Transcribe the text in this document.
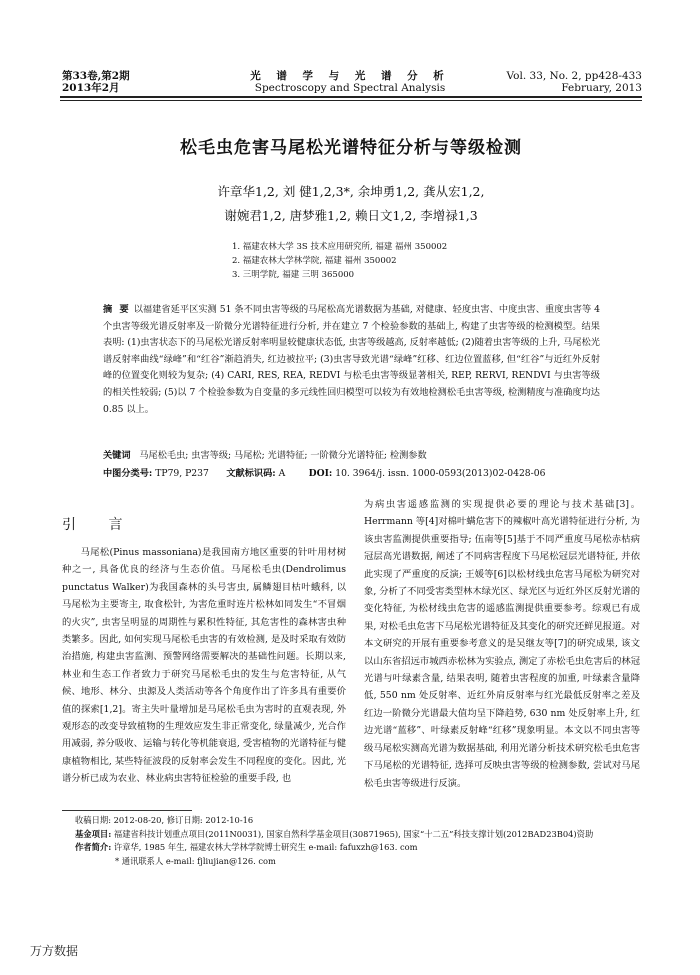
第33卷,第2期
2013年2月
光 谱 学 与 光 谱 分 析
Spectroscopy and Spectral Analysis
Vol. 33, No. 2, pp428-433
February, 2013
松毛虫危害马尾松光谱特征分析与等级检测
许章华1,2, 刘 健1,2,3*, 余坤勇1,2, 龚从宏1,2,
谢婉君1,2, 唐梦雅1,2, 赖日文1,2, 李增禄1,3
1. 福建农林大学 3S 技术应用研究所, 福建 福州 350002
2. 福建农林大学林学院, 福建 福州 350002
3. 三明学院, 福建 三明 365000
摘 要 以福建省延平区实测 51 条不同虫害等级的马尾松高光谱数据为基础, 对健康、轻度虫害、中度虫害、重度虫害等 4 个虫害等级光谱反射率及一阶微分光谱特征进行分析, 并在建立 7 个检验参数的基础上, 构建了虫害等级的检测模型。结果表明: (1)虫害状态下的马尾松光谱反射率明显较健康状态低, 虫害等级越高, 反射率越低; (2)随着虫害等级的上升, 马尾松光谱反射率曲线“绿峰”和“红谷”渐趋消失, 红边被拉平; (3)虫害导致光谱“绿峰”红移、红边位置蓝移, 但“红谷”与近红外反射峰的位置变化则较为复杂; (4) CARI, RES, REA, REDVI 与松毛虫害等级显著相关, REP, RERVI, RENDVI 与虫害等级的相关性较弱; (5)以 7 个检验参数为自变量的多元线性回归模型可以较为有效地检测松毛虫害等级, 检测精度与准确度均达 0.85 以上。
关键词 马尾松毛虫; 虫害等级; 马尾松; 光谱特征; 一阶微分光谱特征; 检测参数
中图分类号: TP79, P237 文献标识码: A	DOI: 10. 3964/j. issn. 1000-0593(2013)02-0428-06
引 言

马尾松(Pinus massoniana)是我国南方地区重要的针叶用材树种之一, 具备优良的经济与生态价值。马尾松毛虫(Dendrolimus punctatus Walker)为我国森林的头号害虫, 属鳞翅目枯叶蛾科, 以马尾松为主要寄主, 取食松针, 为害危重时连片松林如同发生“不冒烟的火灾”, 虫害呈明显的周期性与累积性特征, 其危害性的森林害虫种类繁多。因此, 如何实现马尾松毛虫害的有效检测, 是及时采取有效防治措施, 构建虫害监测、预警网络需要解决的基础性问题。长期以来, 林业和生态工作者致力于研究马尾松毛虫的发生与危害特征, 从气候、地形、林分、虫源及人类活动等各个角度作出了许多具有重要价值的探索[1,2]。寄主失叶量增加是马尾松毛虫为害时的直观表现, 外观形态的改变导致植物的生理效应发生非正常变化, 绿量减少, 光合作用减弱, 养分吸收、运输与转化等机能衰退, 受害植物的光谱特征与健康植物相比, 某些特征波段的反射率会发生不同程度的变化。因此, 光谱分析已成为农业、林业病虫害特征检验的重要手段, 也

为病虫害遥感监测的实现提供必要的理论与技术基础[3]。Herrmann 等[4]对棉叶螨危害下的辣椒叶高光谱特征进行分析, 为该虫害监测提供重要指导; 伍南等[5]基于不同严重度马尾松赤枯病冠层高光谱数据, 阐述了不同病害程度下马尾松冠层光谱特征, 并依此实现了严重度的反演; 王媛等[6]以松材线虫危害马尾松为研究对象, 分析了不同受害类型林木绿光区、绿光区与近红外区反射光谱的变化特征, 为松材线虫危害的遥感监测提供重要参考。综观已有成果, 对松毛虫危害下马尾松光谱特征及其变化的研究还鲜见报道。对本文研究的开展有重要参考意义的是吴继友等[7]的研究成果, 该文以山东省招远市城西赤松林为实验点, 测定了赤松毛虫危害后的林冠光谱与叶绿素含量, 结果表明, 随着虫害程度的加重, 叶绿素含量降低, 550 nm 处反射率、近红外肩反射率与红光最低反射率之差及红边一阶微分光谱最大值均呈下降趋势, 630 nm 处反射率上升, 红边光谱“蓝移”、叶绿素反射峰“红移”现象明显。本文以不同虫害等级马尾松实测高光谱为数据基础, 利用光谱分析技术研究松毛虫危害下马尾松的光谱特征, 选择可反映虫害等级的检测参数, 尝试对马尾松毛虫害等级进行反演。

收稿日期: 2012-08-20, 修订日期: 2012-10-16
基金项目: 福建省科技计划重点项目(2011N0031), 国家自然科学基金项目(30871965), 国家“十二五”科技支撑计划(2012BAD23B04)资助
作者简介: 许章华, 1985 年生, 福建农林大学林学院博士研究生 e-mail: fafuxzh@163. com
* 通讯联系人 e-mail: fjliujian@126. com
万方数据
